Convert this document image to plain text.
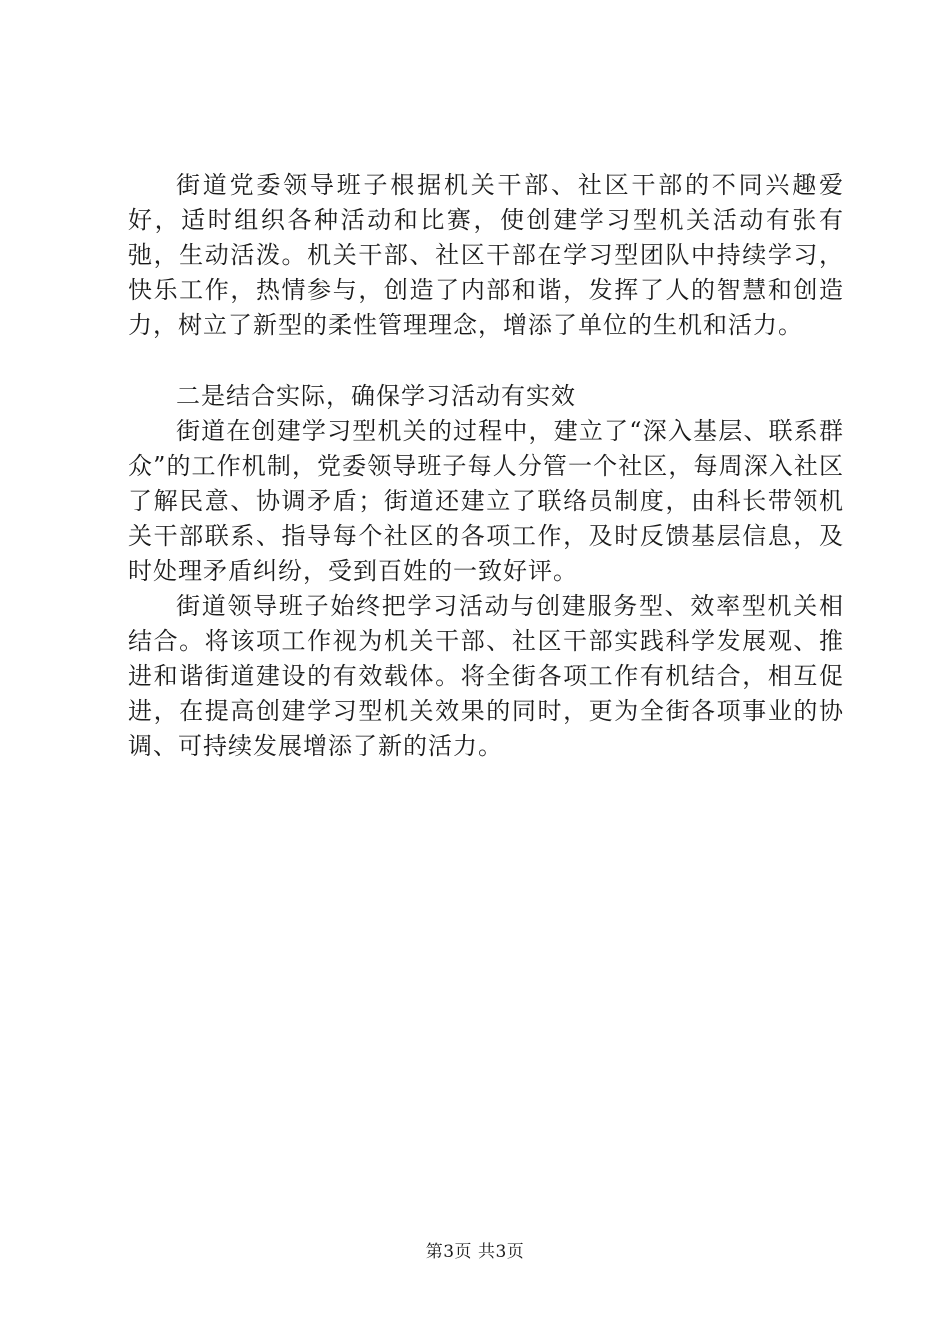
街道党委领导班子根据机关干部、社区干部的不同兴趣爱好，适时组织各种活动和比赛，使创建学习型机关活动有张有弛，生动活泼。机关干部、社区干部在学习型团队中持续学习，快乐工作，热情参与，创造了内部和谐，发挥了人的智慧和创造力，树立了新型的柔性管理理念，增添了单位的生机和活力。

二是结合实际，确保学习活动有实效

街道在创建学习型机关的过程中，建立了“深入基层、联系群众”的工作机制，党委领导班子每人分管一个社区，每周深入社区了解民意、协调矛盾；街道还建立了联络员制度，由科长带领机关干部联系、指导每个社区的各项工作，及时反馈基层信息，及时处理矛盾纠纷，受到百姓的一致好评。

街道领导班子始终把学习活动与创建服务型、效率型机关相结合。将该项工作视为机关干部、社区干部实践科学发展观、推进和谐街道建设的有效载体。将全街各项工作有机结合，相互促进，在提高创建学习型机关效果的同时，更为全街各项事业的协调、可持续发展增添了新的活力。

第3页 共3页
